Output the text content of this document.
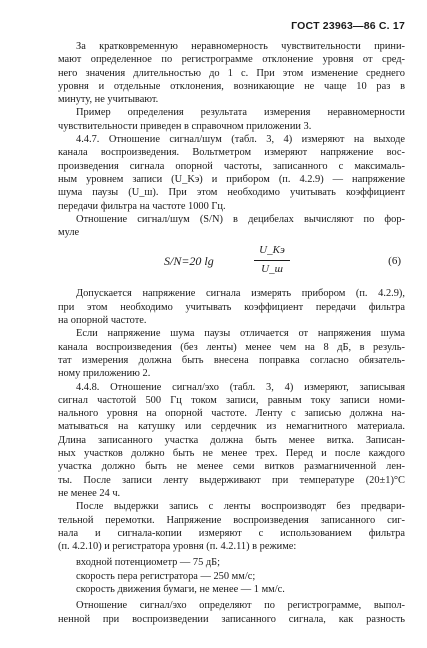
ГОСТ 23963—86 С. 17
За кратковременную неравномерность чувствительности прини-
мают определенное по регистрограмме отклонение уровня от сред-
него значения длительностью до 1 с. При этом изменение среднего
уровня и отдельные отклонения, возникающие не чаще 10 раз в
минуту, не учитывают.
Пример определения результата измерения неравномерности
чувствительности приведен в справочном приложении 3.
4.4.7. Отношение сигнал/шум (табл. 3, 4) измеряют на выходе
канала воспроизведения. Вольтметром измеряют напряжение вос-
произведения сигнала опорной частоты, записанного с максималь-
ным уровнем записи (U_Kэ) и прибором (п. 4.2.9) — напряжение
шума паузы (U_ш). При этом необходимо учитывать коэффициент
передачи фильтра на частоте 1000 Гц.
Отношение сигнал/шум (S/N) в децибелах вычисляют по фор-
муле
S/N=20 lg
U_Kэ
U_ш
(6)
Допускается напряжение сигнала измерять прибором (п. 4.2.9),
при этом необходимо учитывать коэффициент передачи фильтра
на опорной частоте.
Если напряжение шума паузы отличается от напряжения шума
канала воспроизведения (без ленты) менее чем на 8 дБ, в резуль-
тат измерения должна быть внесена поправка согласно обязатель-
ному приложению 2.
4.4.8. Отношение сигнал/эхо (табл. 3, 4) измеряют, записывая
сигнал частотой 500 Гц током записи, равным току записи номи-
нального уровня на опорной частоте. Ленту с записью должна на-
матываться на катушку или сердечник из немагнитного материала.
Длина записанного участка должна быть менее витка. Записан-
ных участков должно быть не менее трех. Перед и после каждого
участка должно быть не менее семи витков размагниченной лен-
ты. После записи ленту выдерживают при температуре (20±1)°С
не менее 24 ч.
После выдержки запись с ленты воспроизводят без предвари-
тельной перемотки. Напряжение воспроизведения записанного сиг-
нала и сигнала-копии измеряют с использованием фильтра
(п. 4.2.10) и регистратора уровня (п. 4.2.11) в режиме:
входной потенциометр — 75 дБ;
скорость пера регистратора — 250 мм/с;
скорость движения бумаги, не менее — 1 мм/с.
Отношение сигнал/эхо определяют по регистрограмме, выпол-
ненной при воспроизведении записанного сигнала, как разность
